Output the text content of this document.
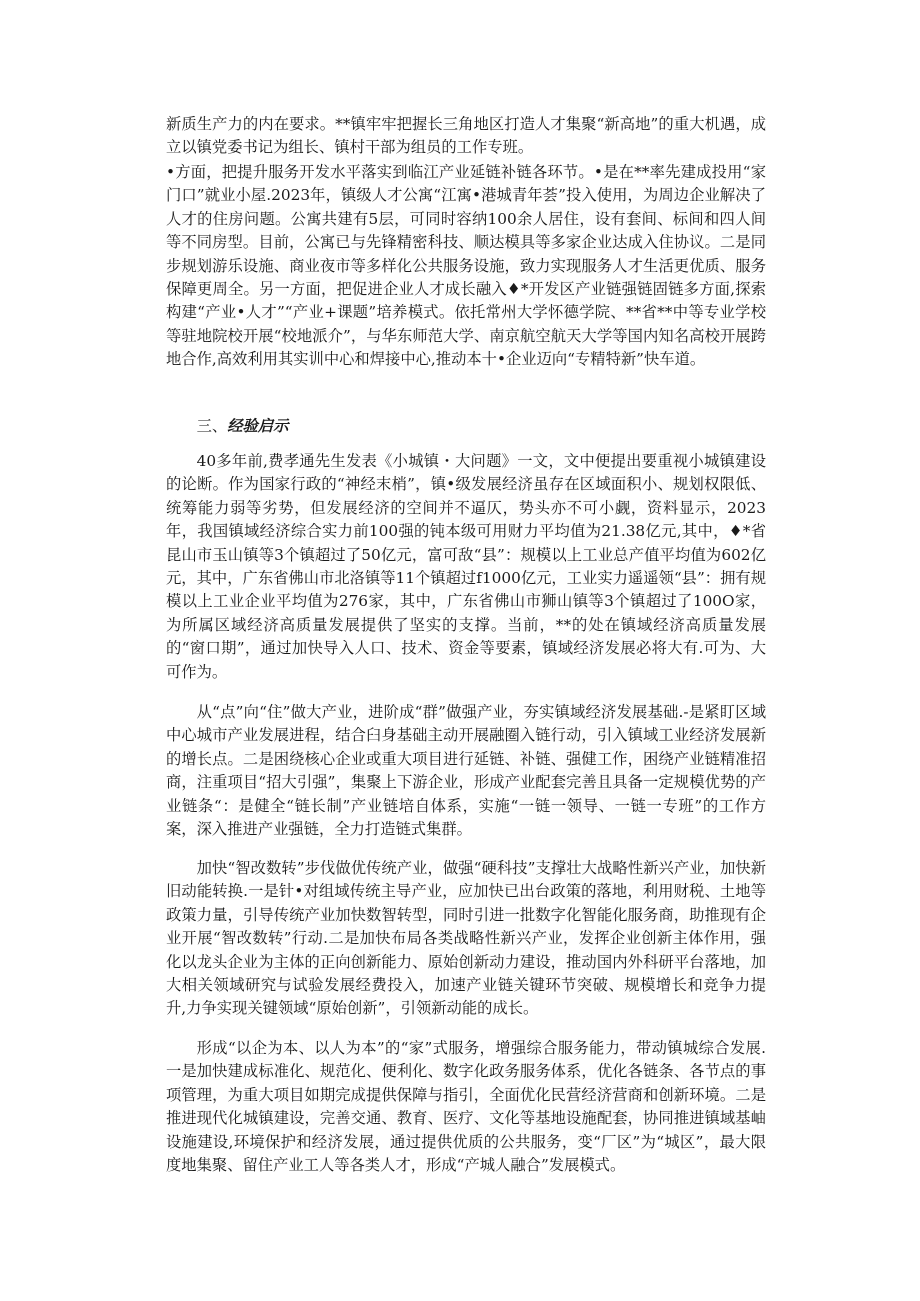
新质生产力的内在要求。**镇牢牢把握长三角地区打造人才集聚“新高地”的重大机遇，成立以镇党委书记为组长、镇村干部为组员的工作专班。

•方面，把提升服务开发水平落实到临江产业延链补链各环节。•是在**率先建成投用“家门口”就业小屋.2023年，镇级人才公寓“江寓•港城青年荟”投入使用，为周边企业解决了人才的住房问题。公寓共建有5层，可同时容纳100余人居住，设有套间、标间和四人间等不同房型。目前，公寓已与先锋精密科技、顺达模具等多家企业达成入住协议。二是同步规划游乐设施、商业夜市等多样化公共服务设施，致力实现服务人才生活更优质、服务保障更周全。另一方面，把促进企业人才成长融入♦*开发区产业链强链固链多方面,探索构建“产业•人才”“产业+课题”培养模式。依托常州大学怀德学院、**省**中等专业学校等驻地院校开展“校地派介”，与华东师范大学、南京航空航天大学等国内知名高校开展跨地合作,高效利用其实训中心和焊接中心,推动本十•企业迈向“专精特新”快车道。

三、经验启示

40多年前,费孝通先生发表《小城镇・大问题》一文，文中便提出要重视小城镇建设的论断。作为国家行政的“神经末梢”，镇•级发展经济虽存在区域面积小、规划权限低、统筹能力弱等劣势，但发展经济的空间并不逼仄，势头亦不可小觑，资料显示，2023年，我国镇域经济综合实力前100强的钝本级可用财力平均值为21.38亿元,其中，♦*省昆山市玉山镇等3个镇超过了50亿元，富可敌“县”：规模以上工业总产值平均值为602亿元，其中，广东省佛山市北洛镇等11个镇超过f1000亿元，工业实力遥遥领“县”：拥有规模以上工业企业平均值为276家，其中，广东省佛山市狮山镇等3个镇超过了100O家，为所属区域经济高质量发展提供了坚实的支撑。当前，**的处在镇域经济高质量发展的“窗口期”，通过加快导入人口、技术、资金等要素，镇域经济发展必将大有.可为、大可作为。

从“点”向“住”做大产业，进阶成“群”做强产业，夯实镇域经济发展基础.-是紧盯区域中心城市产业发展进程，结合臼身基础主动开展融圈入链行动，引入镇域工业经济发展新的增长点。二是困绕核心企业或重大项目进行延链、补链、强健工作，困绕产业链精准招商，注重项目“招大引强”，集聚上下游企业，形成产业配套完善且具备一定规模优势的产业链条“：是健全“链长制”产业链培自体系，实施“一链一领导、一链一专班”的工作方案，深入推进产业强链，全力打造链式集群。

加快“智改数转”步伐做优传统产业，做强“硬科技”支撑壮大战略性新兴产业，加快新旧动能转换.一是针•对组域传统主导产业，应加快已出台政策的落地，利用财税、土地等政策力量，引导传统产业加快数智转型，同时引进一批数字化智能化服务商，助推现有企业开展“智改数转”行动.二是加快布局各类战略性新兴产业，发挥企业创新主体作用，强化以龙头企业为主体的正向创新能力、原始创新动力建设，推动国内外科研平台落地，加大相关领域研究与试验发展经费投入，加速产业链关键环节突破、规模增长和竞争力提升,力争实现关键领域“原始创新”，引领新动能的成长。

形成“以企为本、以人为本”的“家”式服务，增强综合服务能力，带动镇城综合发展.一是加快建成标准化、规范化、便利化、数字化政务服务体系，优化各链条、各节点的事项管理，为重大项目如期完成提供保障与指引，全面优化民营经济营商和创新环境。二是推进现代化城镇建设，完善交通、教育、医疗、文化等基地设施配套，协同推进镇域基岫设施建设,环境保护和经济发展，通过提供优质的公共服务，变“厂区”为“城区”，最大限度地集聚、留住产业工人等各类人才，形成“产城人融合”发展模式。
